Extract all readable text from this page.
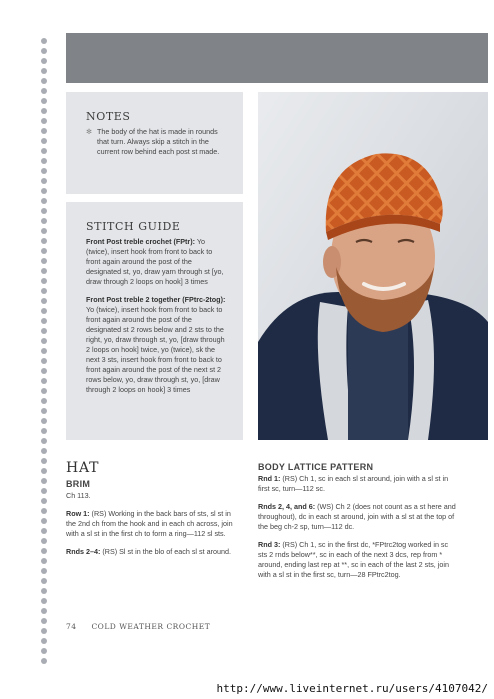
NOTES
✻ The body of the hat is made in rounds that turn. Always skip a stitch in the current row behind each post st made.
STITCH GUIDE

Front Post treble crochet (FPtr): Yo (twice), insert hook from front to back to front again around the post of the designated st, yo, draw yarn through st [yo, draw through 2 loops on hook] 3 times

Front Post treble 2 together (FPtrc-2tog): Yo (twice), insert hook from front to back to front again around the post of the designated st 2 rows below and 2 sts to the right, yo, draw through st, yo, [draw through 2 loops on hook] twice, yo (twice), sk the next 3 sts, insert hook from front to back to front again around the post of the next st 2 rows below, yo, draw through st, yo, [draw through 2 loops on hook] 3 times

HAT
BRIM

Ch 113.

Row 1: (RS) Working in the back bars of sts, sl st in the 2nd ch from the hook and in each ch across, join with a sl st in the first ch to form a ring—112 sl sts.

Rnds 2–4: (RS) Sl st in the blo of each sl st around.

BODY LATTICE PATTERN

Rnd 1: (RS) Ch 1, sc in each sl st around, join with a sl st in first sc, turn—112 sc.

Rnds 2, 4, and 6: (WS) Ch 2 (does not count as a st here and throughout), dc in each st around, join with a sl st at the top of the beg ch-2 sp, turn—112 dc.

Rnd 3: (RS) Ch 1, sc in the first dc, *FPtrc2tog worked in sc sts 2 rnds below**, sc in each of the next 3 dcs, rep from * around, ending last rep at **, sc in each of the last 2 sts, join with a sl st in the first sc, turn—28 FPtrc2tog.

74 COLD WEATHER CROCHET
http://www.liveinternet.ru/users/4107042/
